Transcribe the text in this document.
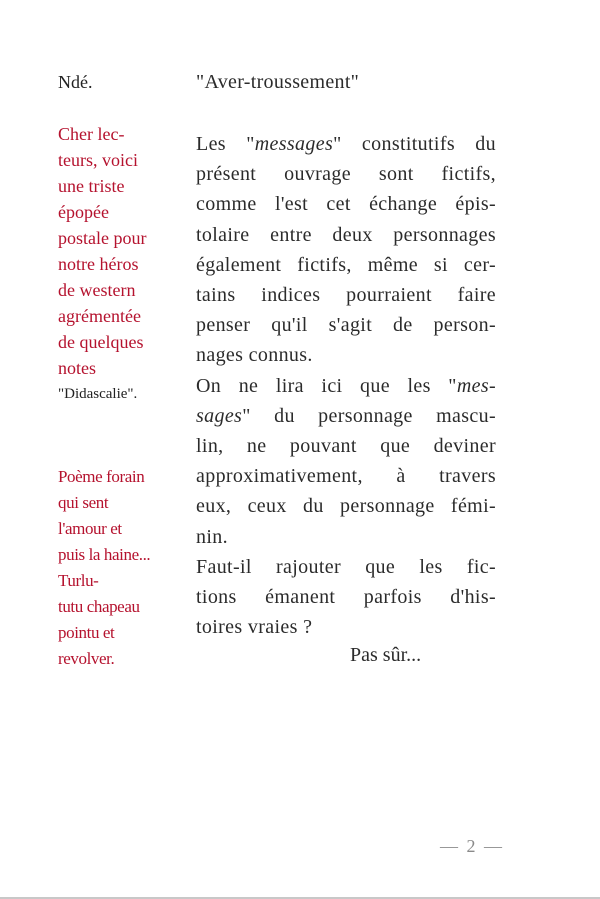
Ndé.
Cher lec-
teurs, voici
une triste
épopée
postale pour
notre héros
de western
agrémentée
de quelques
notes
"Didascalie".
Poème forain
qui sent
l'amour et
puis la haine...
Turlu-
tutu chapeau
pointu et
revolver.
"Aver-troussement"
Les "messages" constitutifs du
présent ouvrage sont fictifs,
comme l'est cet échange épis-
tolaire entre deux personnages
également fictifs, même si cer-
tains indices pourraient faire
penser qu'il s'agit de person-
nages connus.
On ne lira ici que les "mes-
sages" du personnage mascu-
lin, ne pouvant que deviner
approximativement, à travers
eux, ceux du personnage fémi-
nin.
Faut-il rajouter que les fic-
tions émanent parfois d'his-
toires vraies ?
Pas sûr...
— 2 —
